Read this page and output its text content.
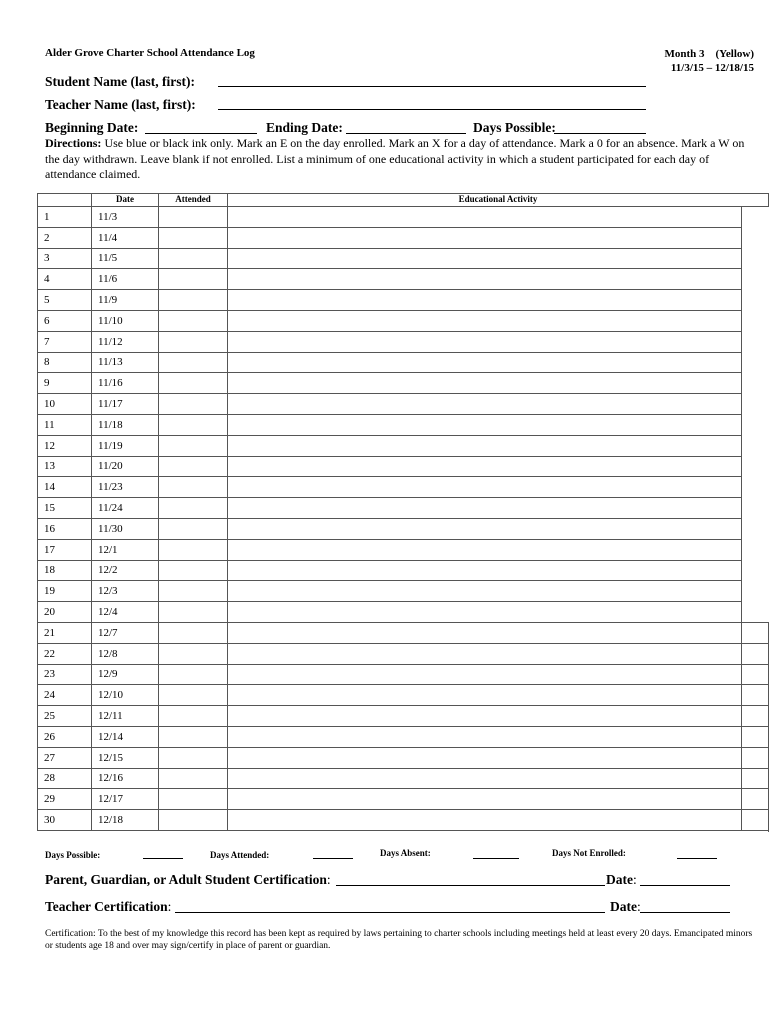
Alder Grove Charter School Attendance Log	Month 3    (Yellow)
11/3/15 – 12/18/15
Student Name (last, first):
Teacher Name (last, first):
Beginning Date:	Ending Date:	Days Possible:
Directions: Use blue or black ink only. Mark an E on the day enrolled. Mark an X for a day of attendance. Mark a 0 for an absence. Mark a W on the day withdrawn. Leave blank if not enrolled. List a minimum of one educational activity in which a student participated for each day of attendance claimed.
	Date	Attended	Educational Activity	
1	11/3			
2	11/4			
3	11/5			
4	11/6			
5	11/9			
6	11/10			
7	11/12			
8	11/13			
9	11/16			
10	11/17			
11	11/18			
12	11/19			
13	11/20			
14	11/23			
15	11/24			
16	11/30			
17	12/1			
18	12/2			
19	12/3			
20	12/4			
21	12/7			
22	12/8			
23	12/9			
24	12/10			
25	12/11			
26	12/14			
27	12/15			
28	12/16			
29	12/17			
30	12/18			
Days Possible:	Days Attended:	Days Absent:	Days Not Enrolled:
Parent, Guardian, or Adult Student Certification:	Date:
Teacher Certification:	Date:
Certification: To the best of my knowledge this record has been kept as required by laws pertaining to charter schools including meetings held at least every 20 days. Emancipated minors or students age 18 and over may sign/certify in place of parent or guardian.
